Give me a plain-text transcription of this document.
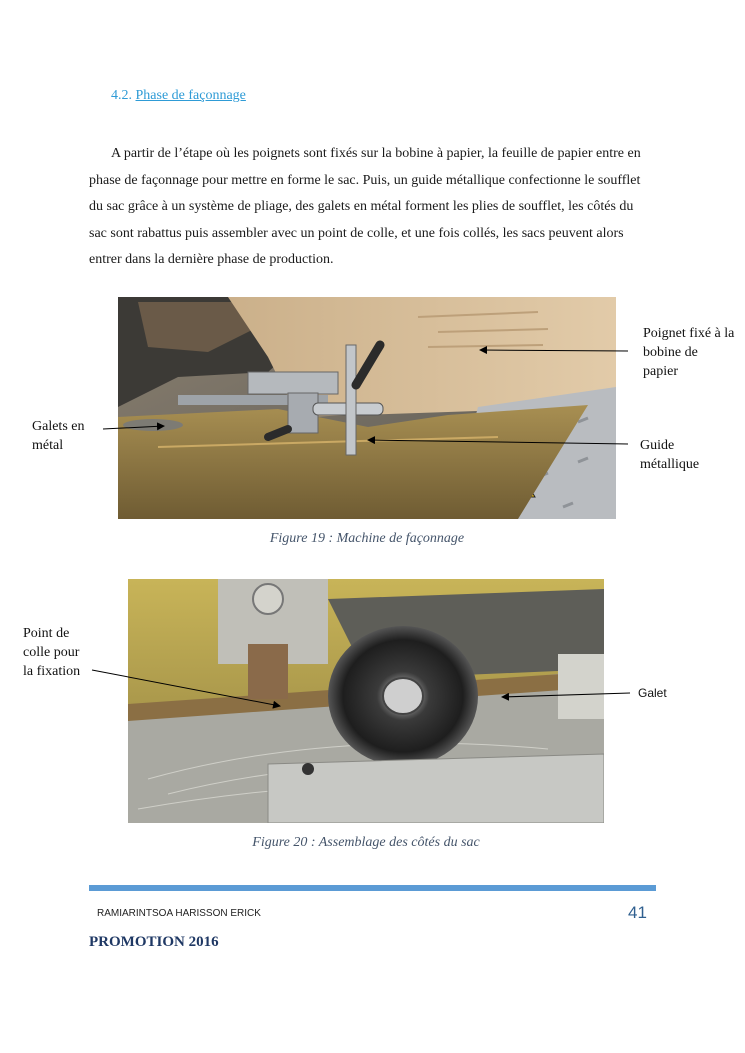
4.2. Phase de façonnage
A partir de l’étape où les poignets sont fixés sur la bobine à papier, la feuille de papier entre en phase de façonnage pour mettre en forme le sac. Puis, un guide métallique confectionne le soufflet du sac grâce à un système de pliage, des galets en métal forment les plies de soufflet, les côtés du sac sont rabattus puis assembler avec un point de colle, et une fois collés, les sacs peuvent alors entrer dans la dernière phase de production.
Figure 19 : Machine de façonnage
Poignet fixé à la bobine de papier
Galets en métal	Guide métallique
Figure 20 : Assemblage des côtés du sac
Point de colle pour la fixation
Galet
RAMIARINTSOA HARISSON ERICK	41
PROMOTION 2016
